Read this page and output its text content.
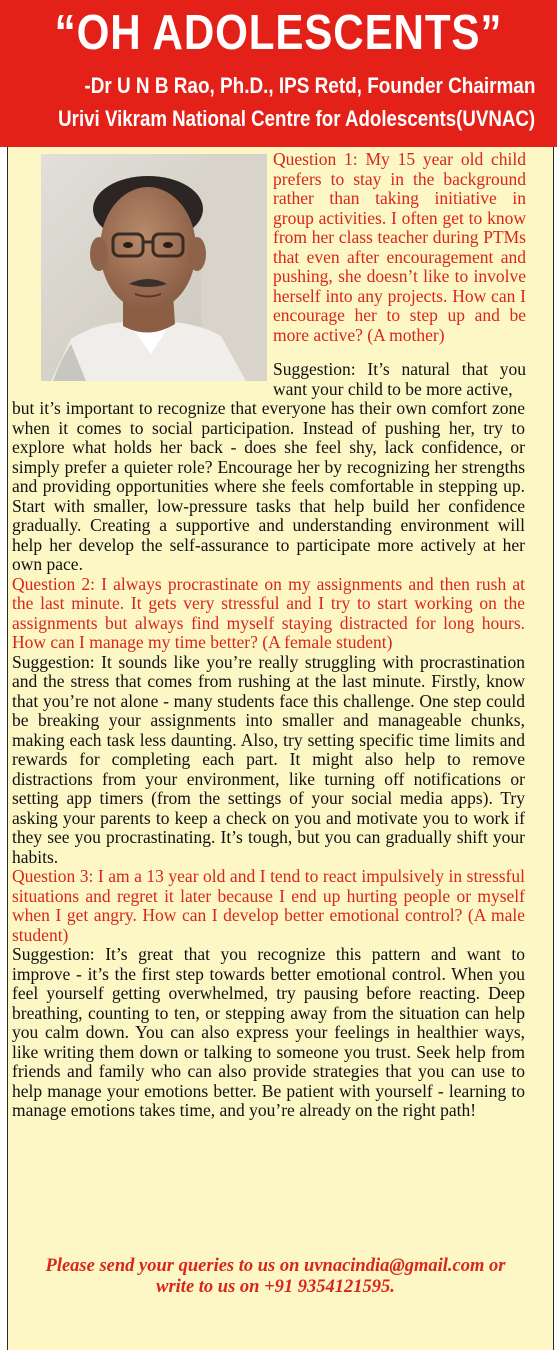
“OH ADOLESCENTS”
-Dr U N B Rao, Ph.D., IPS Retd, Founder Chairman
Urivi Vikram National Centre for Adolescents(UVNAC)
Question 1: My 15 year old child prefers to stay in the background rather than taking initiative in group activities. I often get to know from her class teacher during PTMs that even after encouragement and pushing, she doesn’t like to involve herself into any projects. How can I encourage her to step up and be more active? (A mother)
Suggestion: It’s natural that you want your child to be more active,

but it’s important to recognize that everyone has their own comfort zone when it comes to social participation. Instead of pushing her, try to explore what holds her back - does she feel shy, lack confidence, or simply prefer a quieter role? Encourage her by recognizing her strengths and providing opportunities where she feels comfortable in stepping up. Start with smaller, low-pressure tasks that help build her confidence gradually. Creating a supportive and understanding environment will help her develop the self-assurance to participate more actively at her own pace.

Question 2: I always procrastinate on my assignments and then rush at the last minute. It gets very stressful and I try to start working on the assignments but always find myself staying distracted for long hours. How can I manage my time better? (A female student)

Suggestion: It sounds like you’re really struggling with procrastination and the stress that comes from rushing at the last minute. Firstly, know that you’re not alone - many students face this challenge. One step could be breaking your assignments into smaller and manageable chunks, making each task less daunting. Also, try setting specific time limits and rewards for completing each part. It might also help to remove distractions from your environment, like turning off notifications or setting app timers (from the settings of your social media apps). Try asking your parents to keep a check on you and motivate you to work if they see you procrastinating. It’s tough, but you can gradually shift your habits.

Question 3: I am a 13 year old and I tend to react impulsively in stressful situations and regret it later because I end up hurting people or myself when I get angry. How can I develop better emotional control? (A male student)

Suggestion: It’s great that you recognize this pattern and want to improve - it’s the first step towards better emotional control. When you feel yourself getting overwhelmed, try pausing before reacting. Deep breathing, counting to ten, or stepping away from the situation can help you calm down. You can also express your feelings in healthier ways, like writing them down or talking to someone you trust. Seek help from friends and family who can also provide strategies that you can use to help manage your emotions better. Be patient with yourself - learning to manage emotions takes time, and you’re already on the right path!

Please send your queries to us on uvnacindia@gmail.com or
write to us on +91 9354121595.
